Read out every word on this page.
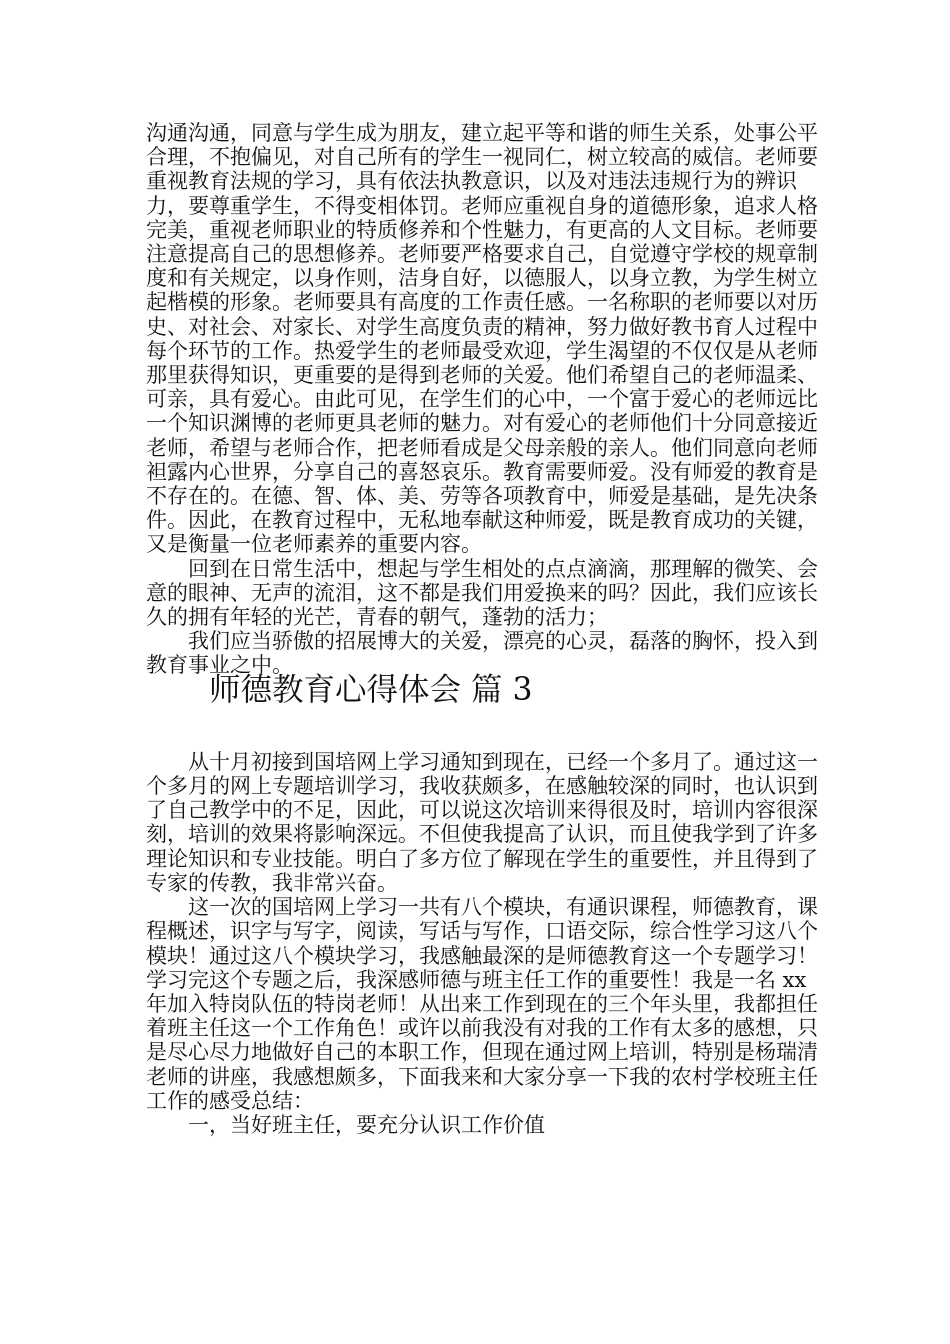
沟通沟通，同意与学生成为朋友，建立起平等和谐的师生关系，处事公平合理，不抱偏见，对自己所有的学生一视同仁，树立较高的威信。老师要重视教育法规的学习，具有依法执教意识，以及对违法违规行为的辨识力，要尊重学生，不得变相体罚。老师应重视自身的道德形象，追求人格完美，重视老师职业的特质修养和个性魅力，有更高的人文目标。老师要注意提高自己的思想修养。老师要严格要求自己，自觉遵守学校的规章制度和有关规定，以身作则，洁身自好，以德服人，以身立教，为学生树立起楷模的形象。老师要具有高度的工作责任感。一名称职的老师要以对历史、对社会、对家长、对学生高度负责的精神，努力做好教书育人过程中每个环节的工作。热爱学生的老师最受欢迎，学生渴望的不仅仅是从老师那里获得知识，更重要的是得到老师的关爱。他们希望自己的老师温柔、可亲，具有爱心。由此可见，在学生们的心中，一个富于爱心的老师远比一个知识渊博的老师更具老师的魅力。对有爱心的老师他们十分同意接近老师，希望与老师合作，把老师看成是父母亲般的亲人。他们同意向老师袒露内心世界，分享自己的喜怒哀乐。教育需要师爱。没有师爱的教育是不存在的。在德、智、体、美、劳等各项教育中，师爱是基础，是先决条件。因此，在教育过程中，无私地奉献这种师爱，既是教育成功的关键，又是衡量一位老师素养的重要内容。

回到在日常生活中，想起与学生相处的点点滴滴，那理解的微笑、会意的眼神、无声的流泪，这不都是我们用爱换来的吗？因此，我们应该长久的拥有年轻的光芒，青春的朝气，蓬勃的活力；

我们应当骄傲的招展博大的关爱，漂亮的心灵，磊落的胸怀，投入到教育事业之中。

师德教育心得体会 篇 3

从十月初接到国培网上学习通知到现在，已经一个多月了。通过这一个多月的网上专题培训学习，我收获颇多，在感触较深的同时，也认识到了自己教学中的不足，因此，可以说这次培训来得很及时，培训内容很深刻，培训的效果将影响深远。不但使我提高了认识，而且使我学到了许多理论知识和专业技能。明白了多方位了解现在学生的重要性，并且得到了专家的传教，我非常兴奋。

这一次的国培网上学习一共有八个模块，有通识课程，师德教育，课程概述，识字与写字，阅读，写话与写作，口语交际，综合性学习这八个模块！通过这八个模块学习，我感触最深的是师德教育这一个专题学习！学习完这个专题之后，我深感师德与班主任工作的重要性！我是一名 xx 年加入特岗队伍的特岗老师！从出来工作到现在的三个年头里，我都担任着班主任这一个工作角色！或许以前我没有对我的工作有太多的感想，只是尽心尽力地做好自己的本职工作，但现在通过网上培训，特别是杨瑞清老师的讲座，我感想颇多，下面我来和大家分享一下我的农村学校班主任工作的感受总结：

一，当好班主任，要充分认识工作价值
